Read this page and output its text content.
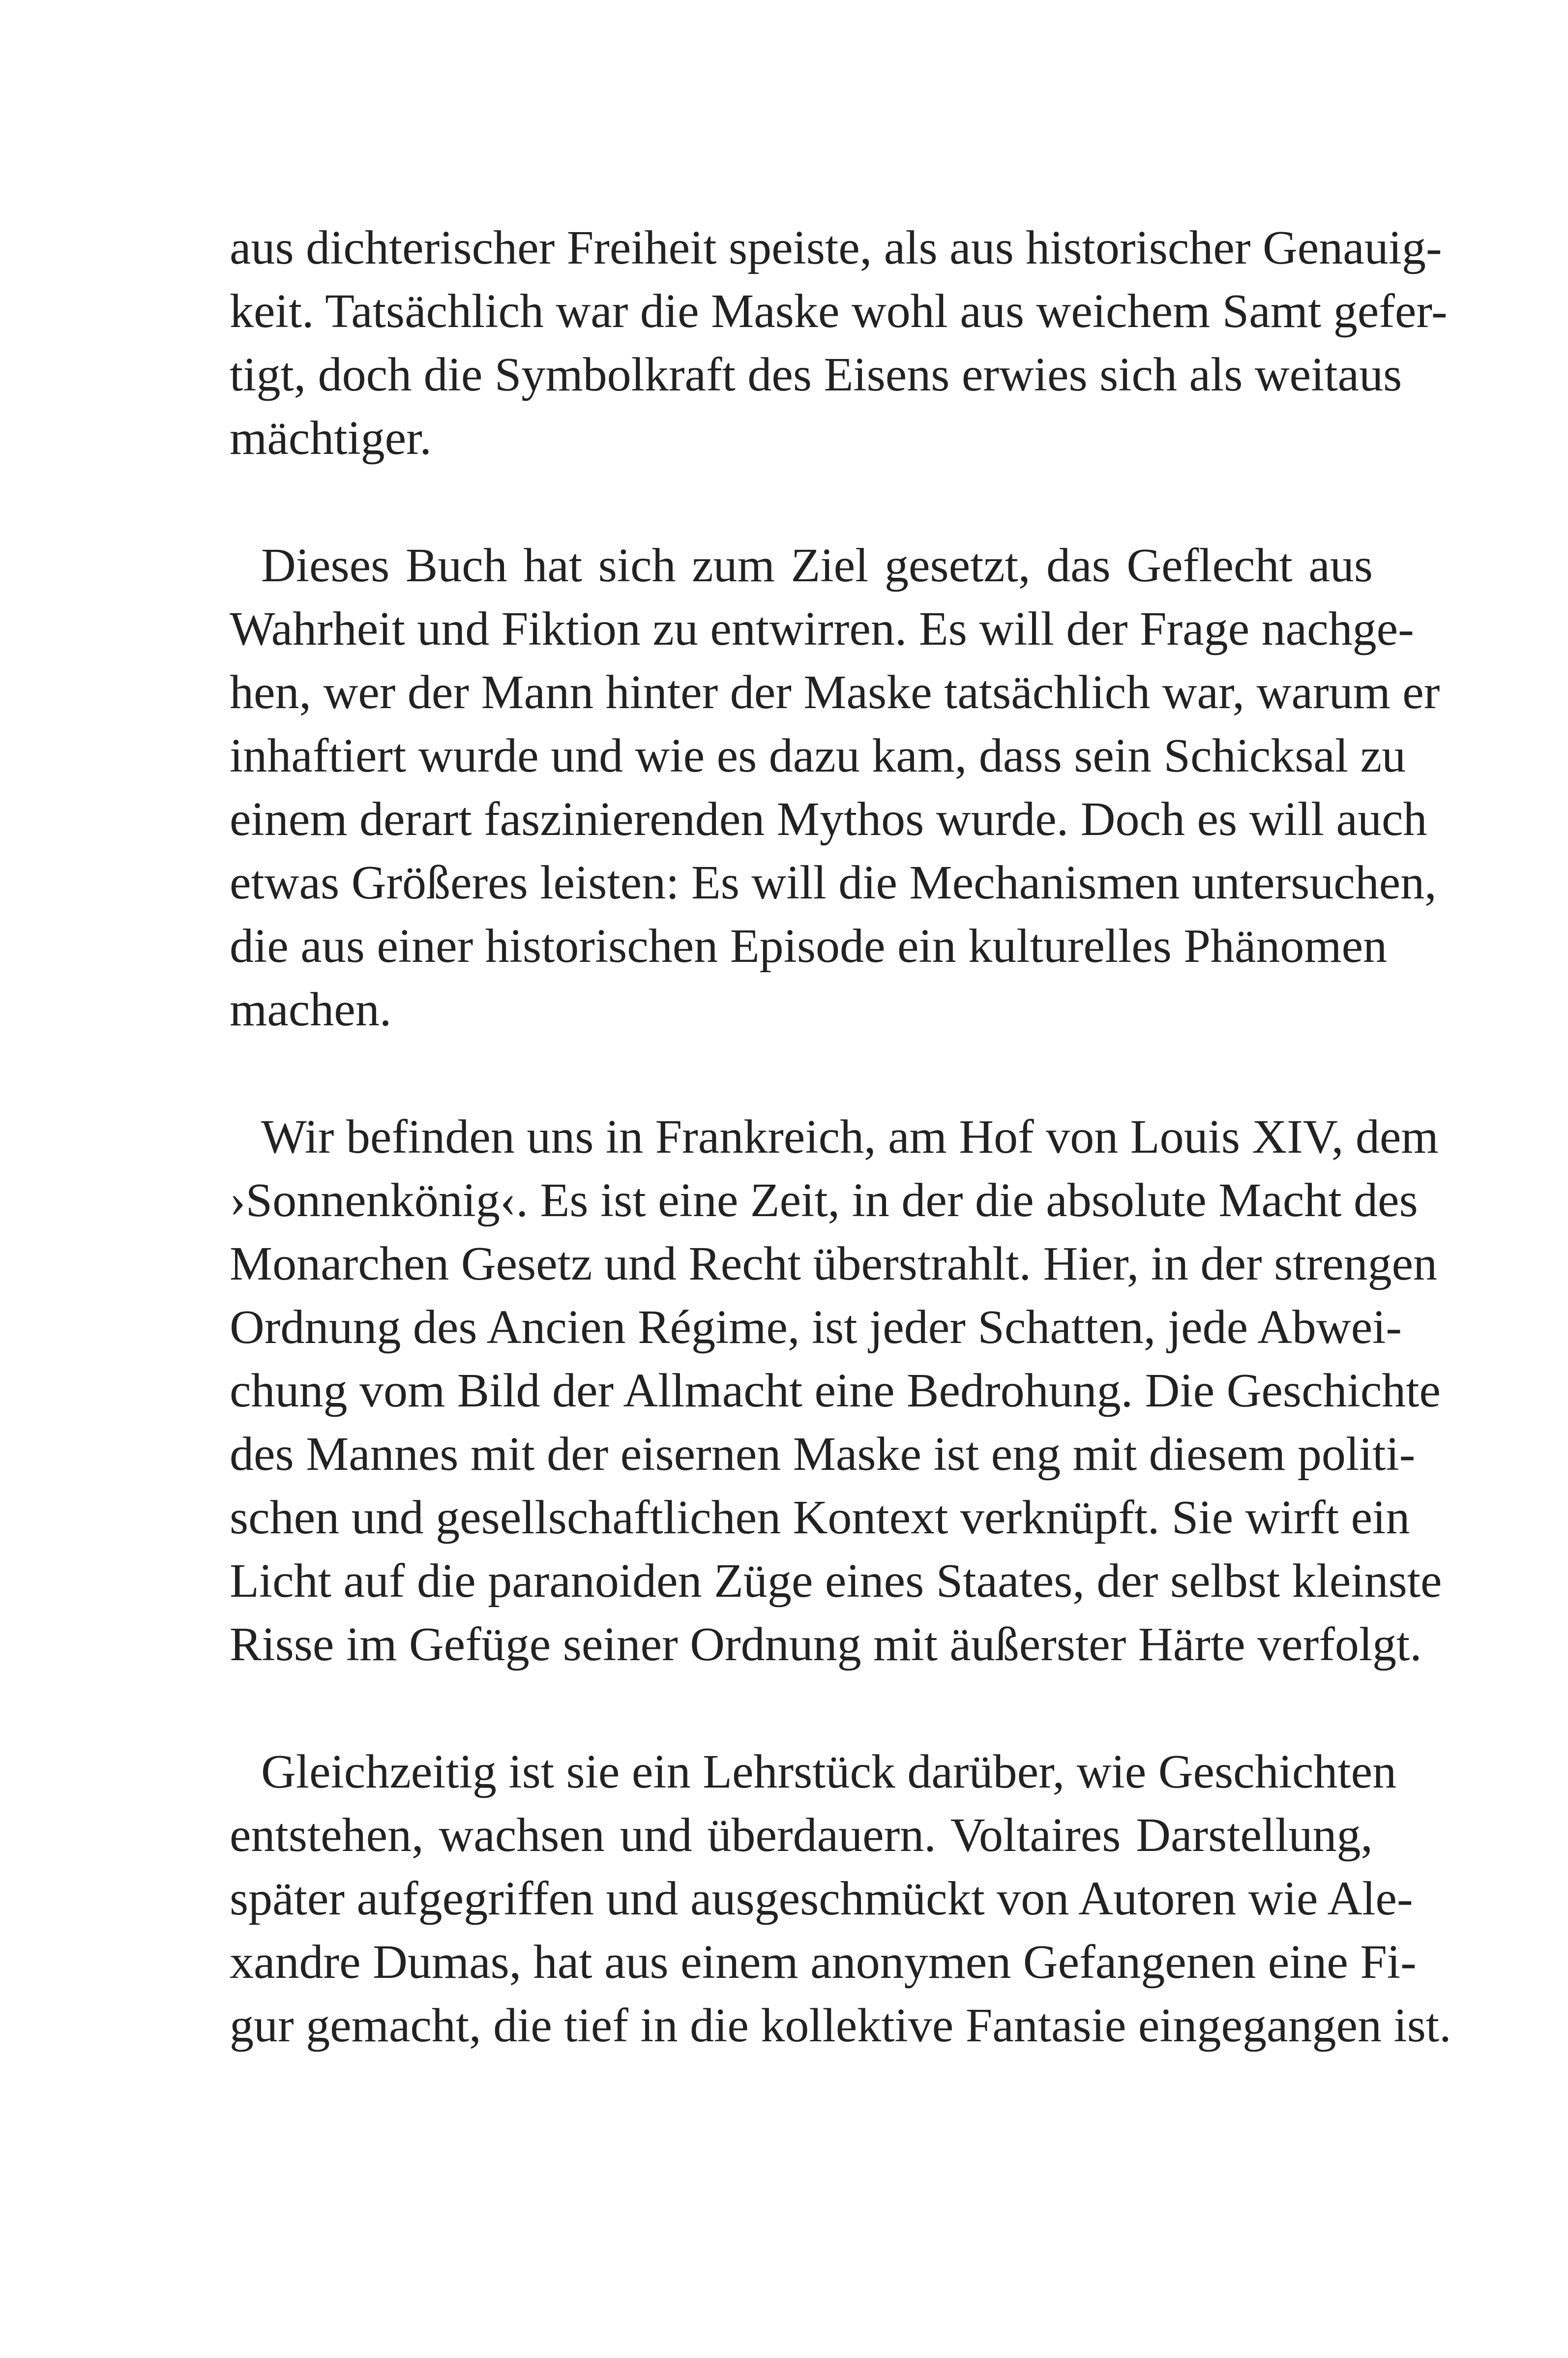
aus dichterischer Freiheit speiste, als aus historischer Genauig-
keit. Tatsächlich war die Maske wohl aus weichem Samt gefer-
tigt, doch die Symbolkraft des Eisens erwies sich als weitaus
mächtiger.
Dieses Buch hat sich zum Ziel gesetzt, das Geflecht aus
Wahrheit und Fiktion zu entwirren. Es will der Frage nachge-
hen, wer der Mann hinter der Maske tatsächlich war, warum er
inhaftiert wurde und wie es dazu kam, dass sein Schicksal zu
einem derart faszinierenden Mythos wurde. Doch es will auch
etwas Größeres leisten: Es will die Mechanismen untersuchen,
die aus einer historischen Episode ein kulturelles Phänomen
machen.
Wir befinden uns in Frankreich, am Hof von Louis XIV, dem
›Sonnenkönig‹. Es ist eine Zeit, in der die absolute Macht des
Monarchen Gesetz und Recht überstrahlt. Hier, in der strengen
Ordnung des Ancien Régime, ist jeder Schatten, jede Abwei-
chung vom Bild der Allmacht eine Bedrohung. Die Geschichte
des Mannes mit der eisernen Maske ist eng mit diesem politi-
schen und gesellschaftlichen Kontext verknüpft. Sie wirft ein
Licht auf die paranoiden Züge eines Staates, der selbst kleinste
Risse im Gefüge seiner Ordnung mit äußerster Härte verfolgt.
Gleichzeitig ist sie ein Lehrstück darüber, wie Geschichten
entstehen, wachsen und überdauern. Voltaires Darstellung,
später aufgegriffen und ausgeschmückt von Autoren wie Ale-
xandre Dumas, hat aus einem anonymen Gefangenen eine Fi-
gur gemacht, die tief in die kollektive Fantasie eingegangen ist.
